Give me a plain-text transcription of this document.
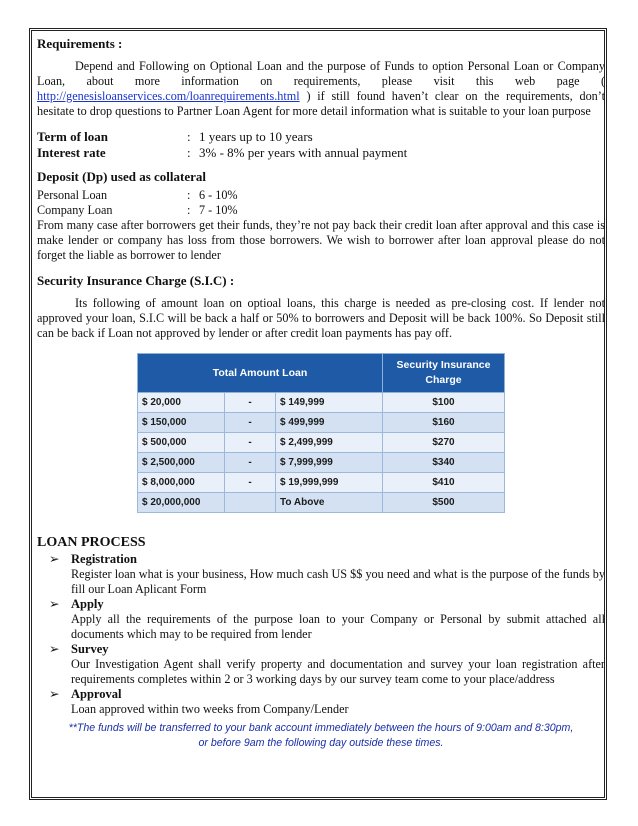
Requirements :

Depend and Following on Optional Loan and the purpose of Funds to option Personal Loan or Company Loan, about more information on requirements, please visit this web page ( http://genesisloanservices.com/loanrequirements.html ) if still found haven’t clear on the requirements, don’t hesitate to drop questions to Partner Loan Agent for more detail information what is suitable to your loan purpose

Term of loan	: 1 years up to 10 years
Interest rate	: 3% - 8% per years with annual payment

Deposit (Dp) used as collateral

Personal Loan	: 6 - 10%
Company Loan	: 7 - 10%

From many case after borrowers get their funds, they’re not pay back their credit loan after approval and this case is make lender or company has loss from those borrowers. We wish to borrower after loan approval please do not forget the liable as borrower to lender

Security Insurance Charge (S.I.C) :

Its following of amount loan on optioal loans, this charge is needed as pre-closing cost. If lender not approved your loan, S.I.C will be back a half or 50% to borrowers and Deposit will be back 100%. So Deposit still can be back if Loan not approved by lender or after credit loan payments has pay off.

Total Amount Loan			Security Insurance Charge
$ 20,000	-	$ 149,999	$100
$ 150,000	-	$ 499,999	$160
$ 500,000	-	$ 2,499,999	$270
$ 2,500,000	-	$ 7,999,999	$340
$ 8,000,000	-	$ 19,999,999	$410
$ 20,000,000		To Above	$500

LOAN PROCESS

➢ Registration

Register loan what is your business, How much cash US $$ you need and what is the purpose of the funds by fill our Loan Aplicant Form

➢ Apply

Apply all the requirements of the purpose loan to your Company or Personal by submit attached all documents which may to be required from lender

➢ Survey

Our Investigation Agent shall verify property and documentation and survey your loan registration after requirements completes within 2 or 3 working days by our survey team come to your place/address

➢ Approval

Loan approved within two weeks from Company/Lender

**The funds will be transferred to your bank account immediately between the hours of 9:00am and 8:30pm,
or before 9am the following day outside these times.
